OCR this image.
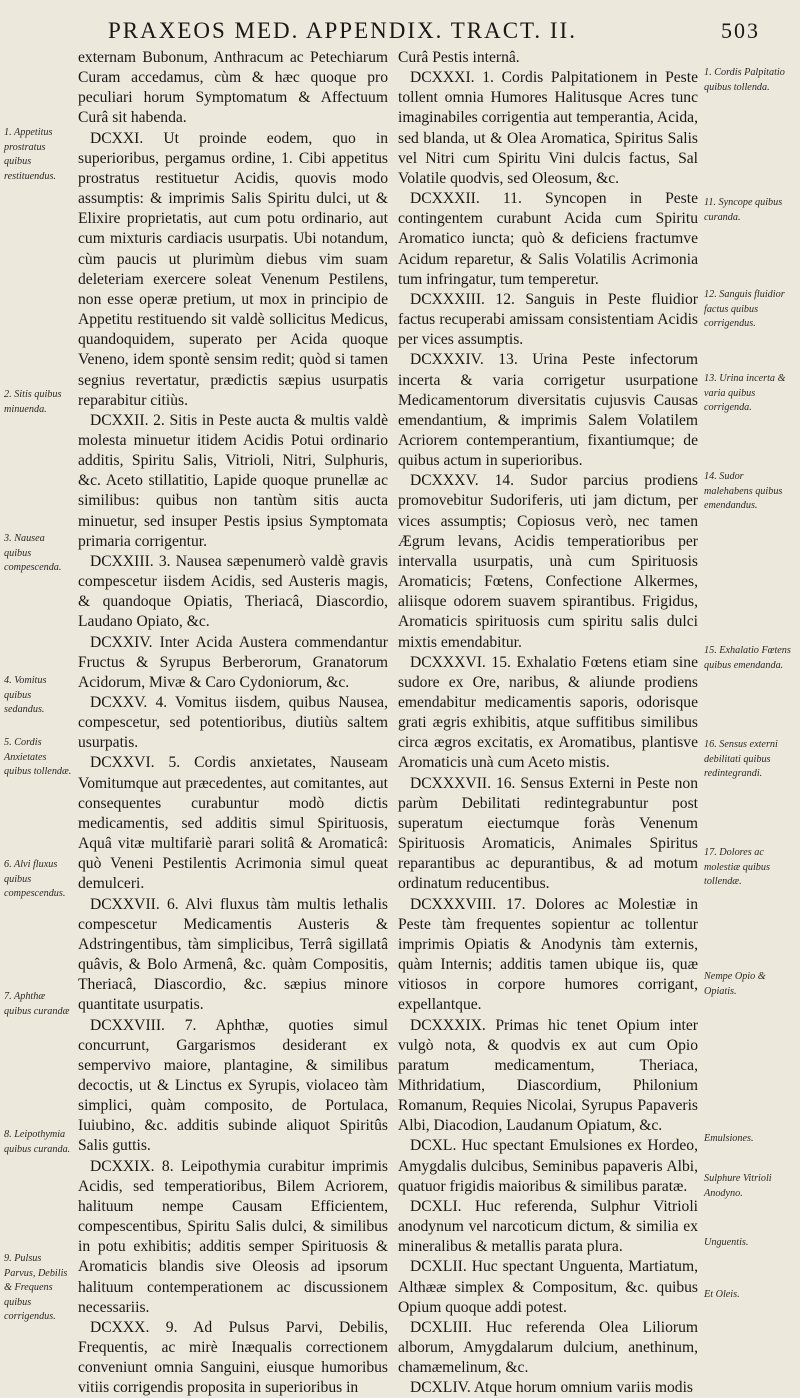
PRAXEOS MED. APPENDIX. TRACT. II.	503

externam Bubonum, Anthracum ac Petechiarum Curam accedamus, cùm & hæc quoque pro peculiari horum Symptomatum & Affectuum Curâ sit habenda.

DCXXI. Ut proinde eodem, quo in superioribus, pergamus ordine, 1. Cibi appetitus prostratus restituetur Acidis, quovis modo assumptis: & imprimis Salis Spiritu dulci, ut & Elixire proprietatis, aut cum potu ordinario, aut cum mixturis cardiacis usurpatis. Ubi notandum, cùm paucis ut plurimùm diebus vim suam deleteriam exercere soleat Venenum Pestilens, non esse operæ pretium, ut mox in principio de Appetitu restituendo sit valdè sollicitus Medicus, quandoquidem, superato per Acida quoque Veneno, idem spontè sensim redit; quòd si tamen segnius revertatur, prædictis sæpius usurpatis reparabitur citiùs.

DCXXII. 2. Sitis in Peste aucta & multis valdè molesta minuetur itidem Acidis Potui ordinario additis, Spiritu Salis, Vitrioli, Nitri, Sulphuris, &c. Aceto stillatitio, Lapide quoque prunellæ ac similibus: quibus non tantùm sitis aucta minuetur, sed insuper Pestis ipsius Symptomata primaria corrigentur.

DCXXIII. 3. Nausea sæpenumerò valdè gravis compescetur iisdem Acidis, sed Austeris magis, & quandoque Opiatis, Theriacâ, Diascordio, Laudano Opiato, &c.

DCXXIV. Inter Acida Austera commendantur Fructus & Syrupus Berberorum, Granatorum Acidorum, Mivæ & Caro Cydoniorum, &c.

DCXXV. 4. Vomitus iisdem, quibus Nausea, compescetur, sed potentioribus, diutiùs saltem usurpatis.

DCXXVI. 5. Cordis anxietates, Nauseam Vomitumque aut præcedentes, aut comitantes, aut consequentes curabuntur modò dictis medicamentis, sed additis simul Spirituosis, Aquâ vitæ multifariè parari solitâ & Aromaticâ: quò Veneni Pestilentis Acrimonia simul queat demulceri.

DCXXVII. 6. Alvi fluxus tàm multis lethalis compescetur Medicamentis Austeris & Adstringentibus, tàm simplicibus, Terrâ sigillatâ quâvis, & Bolo Armenâ, &c. quàm Compositis, Theriacâ, Diascordio, &c. sæpius minore quantitate usurpatis.

DCXXVIII. 7. Aphthæ, quoties simul concurrunt, Gargarismos desiderant ex sempervivo maiore, plantagine, & similibus decoctis, ut & Linctus ex Syrupis, violaceo tàm simplici, quàm composito, de Portulaca, Iuiubino, &c. additis subinde aliquot Spiritûs Salis guttis.

DCXXIX. 8. Leipothymia curabitur imprimis Acidis, sed temperatioribus, Bilem Acriorem, halituum nempe Causam Efficientem, compescentibus, Spiritu Salis dulci, & similibus in potu exhibitis; additis semper Spirituosis & Aromaticis blandis sive Oleosis ad ipsorum halituum contemperationem ac discussionem necessariis.

DCXXX. 9. Ad Pulsus Parvi, Debilis, Frequentis, ac mirè Inæqualis correctionem conveniunt omnia Sanguini, eiusque humoribus vitiis corrigendis proposita in superioribus in

Curâ Pestis internâ.

DCXXXI. 1. Cordis Palpitationem in Peste tollent omnia Humores Halitusque Acres tunc imaginabiles corrigentia aut temperantia, Acida, sed blanda, ut & Olea Aromatica, Spiritus Salis vel Nitri cum Spiritu Vini dulcis factus, Sal Volatile quodvis, sed Oleosum, &c.

DCXXXII. 11. Syncopen in Peste contingentem curabunt Acida cum Spiritu Aromatico iuncta; quò & deficiens fractumve Acidum reparetur, & Salis Volatilis Acrimonia tum infringatur, tum temperetur.

DCXXXIII. 12. Sanguis in Peste fluidior factus recuperabi amissam consistentiam Acidis per vices assumptis.

DCXXXIV. 13. Urina Peste infectorum incerta & varia corrigetur usurpatione Medicamentorum diversitatis cujusvis Causas emendantium, & imprimis Salem Volatilem Acriorem contemperantium, fixantiumque; de quibus actum in superioribus.

DCXXXV. 14. Sudor parcius prodiens promovebitur Sudoriferis, uti jam dictum, per vices assumptis; Copiosus verò, nec tamen Ægrum levans, Acidis temperatioribus per intervalla usurpatis, unà cum Spirituosis Aromaticis; Fœtens, Confectione Alkermes, aliisque odorem suavem spirantibus. Frigidus, Aromaticis spirituosis cum spiritu salis dulci mixtis emendabitur.

DCXXXVI. 15. Exhalatio Fœtens etiam sine sudore ex Ore, naribus, & aliunde prodiens emendabitur medicamentis saporis, odorisque grati ægris exhibitis, atque suffitibus similibus circa ægros excitatis, ex Aromatibus, plantisve Aromaticis unà cum Aceto mistis.

DCXXXVII. 16. Sensus Externi in Peste non parùm Debilitati redintegrabuntur post superatum eiectumque foràs Venenum Spirituosis Aromaticis, Animales Spiritus reparantibus ac depurantibus, & ad motum ordinatum reducentibus.

DCXXXVIII. 17. Dolores ac Molestiæ in Peste tàm frequentes sopientur ac tollentur imprimis Opiatis & Anodynis tàm externis, quàm Internis; additis tamen ubique iis, quæ vitiosos in corpore humores corrigant, expellantque.

DCXXXIX. Primas hic tenet Opium inter vulgò nota, & quodvis ex aut cum Opio paratum medicamentum, Theriaca, Mithridatium, Diascordium, Philonium Romanum, Requies Nicolai, Syrupus Papaveris Albi, Diacodion, Laudanum Opiatum, &c.

DCXL. Huc spectant Emulsiones ex Hordeo, Amygdalis dulcibus, Seminibus papaveris Albi, quatuor frigidis maioribus & similibus paratæ.

DCXLI. Huc referenda, Sulphur Vitrioli anodynum vel narcoticum dictum, & similia ex mineralibus & metallis parata plura.

DCXLII. Huc spectant Unguenta, Martiatum, Althææ simplex & Compositum, &c. quibus Opium quoque addi potest.

DCXLIII. Huc referenda Olea Liliorum alborum, Amygdalarum dulcium, anethinum, chamæmelinum, &c.

DCXLIV. Atque horum omnium variis modis

1. Appetitus prostratus quibus restituendus.
2. Sitis quibus minuenda.
3. Nausea quibus compescenda.
4. Vomitus quibus sedandus.
5. Cordis Anxietates quibus tollendæ.
6. Alvi fluxus quibus compescendus.
7. Aphthæ quibus curandæ
8. Leipothymia quibus curanda.
9. Pulsus Parvus, Debilis & Frequens quibus corrigendus.
1. Cordis Palpitatio quibus tollenda.
11. Syncope quibus curanda.
12. Sanguis fluidior factus quibus corrigendus.
13. Urina incerta & varia quibus corrigenda.
14. Sudor malehabens quibus emendandus.
15. Exhalatio Fœtens quibus emendanda.
16. Sensus externi debilitati quibus redintegrandi.
17. Dolores ac molestiæ quibus tollendæ.
Nempe Opio & Opiatis.
Emulsiones.
Sulphure Vitrioli Anodyno.
Unguentis.
Et Oleis.
